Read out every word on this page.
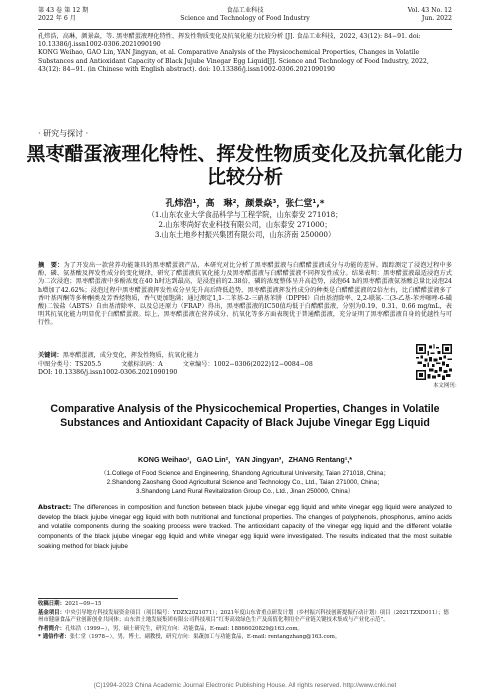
第 43 卷 第 12 期
2022 年 6 月
食品工业科技
Science and Technology of Food Industry
Vol. 43 No. 12
Jun. 2022
孔炜浩，高琳，颜景焱，等. 黑枣醋蛋液理化特性、挥发性物质变化及抗氧化能力比较分析 [J]. 食品工业科技，2022, 43(12): 84−91. doi: 10.13386/j.issn1002-0306.2021090190
KONG Weihao, GAO Lin, YAN Jingyan, et al. Comparative Analysis of the Physicochemical Properties, Changes in Volatile Substances and Antioxidant Capacity of Black Jujube Vinegar Egg Liquid[J]. Science and Technology of Food Industry, 2022, 43(12): 84−91. (in Chinese with English abstract). doi: 10.13386/j.issn1002-0306.2021090190
· 研究与探讨 ·
黑枣醋蛋液理化特性、挥发性物质变化及抗氧化能力比较分析
孔炜浩¹，高　琳²，颜景焱³，张仁堂¹,*
（1.山东农业大学食品科学与工程学院，山东泰安 271018；
2.山东枣尚好农业科技有限公司，山东泰安 271000；
3.山东土地乡村振兴集团有限公司，山东济南 250000）
摘　要：为了开发出一款营养功能兼具的黑枣醋蛋液产品，本研究对比分析了黑枣醋蛋液与白醋醋蛋液成分与功能的差异。跟踪测定了浸泡过程中多酚、磷、氨基酸及挥发性成分的变化规律，研究了醋蛋液抗氧化能力及黑枣醋蛋液与白醋醋蛋液不同挥发性成分。结果表明：黑枣醋蛋液最适浸泡方式为二次浸泡；黑枣醋蛋液中多酚浓度在40 h时达到最高，是浸泡前的2.38倍，磷的浓度整体呈升高趋势，浸泡64 h的黑枣醋蛋液氨基酸总量比浸泡24 h增加了42.62%；浸泡过程中黑枣醋蛋液挥发性成分呈先升高后降低趋势，黑枣醋蛋液挥发性成分的种类是白醋醋蛋液的2倍左右，比白醋醋蛋液多了香叶基丙酮等多种酮类及芳香烃物质，香气更加饱满；通过测定1,1-二苯基-2-三硝基苯肼（DPPH）自由基清除率、2,2-联氮-二(3-乙基-苯并噻唑-6-磺酸)二铵盐（ABTS）自由基清除率、以及总还原力（FRAP）得出，黑枣醋蛋液的IC50值均低于白醋醋蛋液，分别为0.19、0.31、0.66 mg/mL，表明其抗氧化能力明显优于白醋醋蛋液。综上，黑枣醋蛋液在营养成分、抗氧化等多方面表现优于普通醋蛋液，充分证明了黑枣醋蛋液自身的优越性与可行性。
关键词：黑枣醋蛋液，成分变化，挥发性物质，抗氧化能力
中图分类号：TS205.5	文献标识码：A	文章编号：1002−0306(2022)12−0084−08
DOI: 10.13386/j.issn1002-0306.2021090190
本文网刊：
Comparative Analysis of the Physicochemical Properties, Changes in Volatile Substances and Antioxidant Capacity of Black Jujube Vinegar Egg Liquid
KONG Weihao¹，GAO Lin²，YAN Jingyan³，ZHANG Rentang¹,*
（1.College of Food Science and Engineering, Shandong Agricultural University, Taian 271018, China；
2.Shandong Zaoshang Good Agricultural Science and Technology Co., Ltd., Taian 271000, China；
3.Shandong Land Rural Revitalization Group Co., Ltd., Jinan 250000, China）
Abstract: The differences in composition and function between black jujube vinegar egg liquid and white vinegar egg liquid were analyzed to develop the black jujube vinegar egg liquid with both nutritional and functional properties. The changes of polyphenols, phosphorus, amino acids and volatile components during the soaking process were tracked. The antioxidant capacity of the vinegar egg liquid and the different volatile components of the black jujube vinegar egg liquid and white vinegar egg liquid were investigated. The results indicated that the most suitable soaking method for black jujube

收稿日期：2021−09−15

基金项目：中央引导地方科技发展资金项目（项目编号：YDZX2021071）；2021年度山东省重点研发计划（乡村振兴科技创新提振行动计划）项目（2021TZXD011）；德州市健康食品产业创新创业共同体；山东省土地发展集团有限公司科技项目“红枣高效绿色生产及高值化利用全产业链关键技术集成与产业化示范”。

作者简介：孔炜浩（1999−），男，硕士研究生，研究方向：功能食品，E-mail: 18866020829@163.com。

* 通信作者：张仁堂（1978−），男，博士，副教授，研究方向：果蔬加工与功能食品，E-mail: rentangzhang@163.com。

(C)1994-2023 China Academic Journal Electronic Publishing House. All rights reserved. http://www.cnki.net
